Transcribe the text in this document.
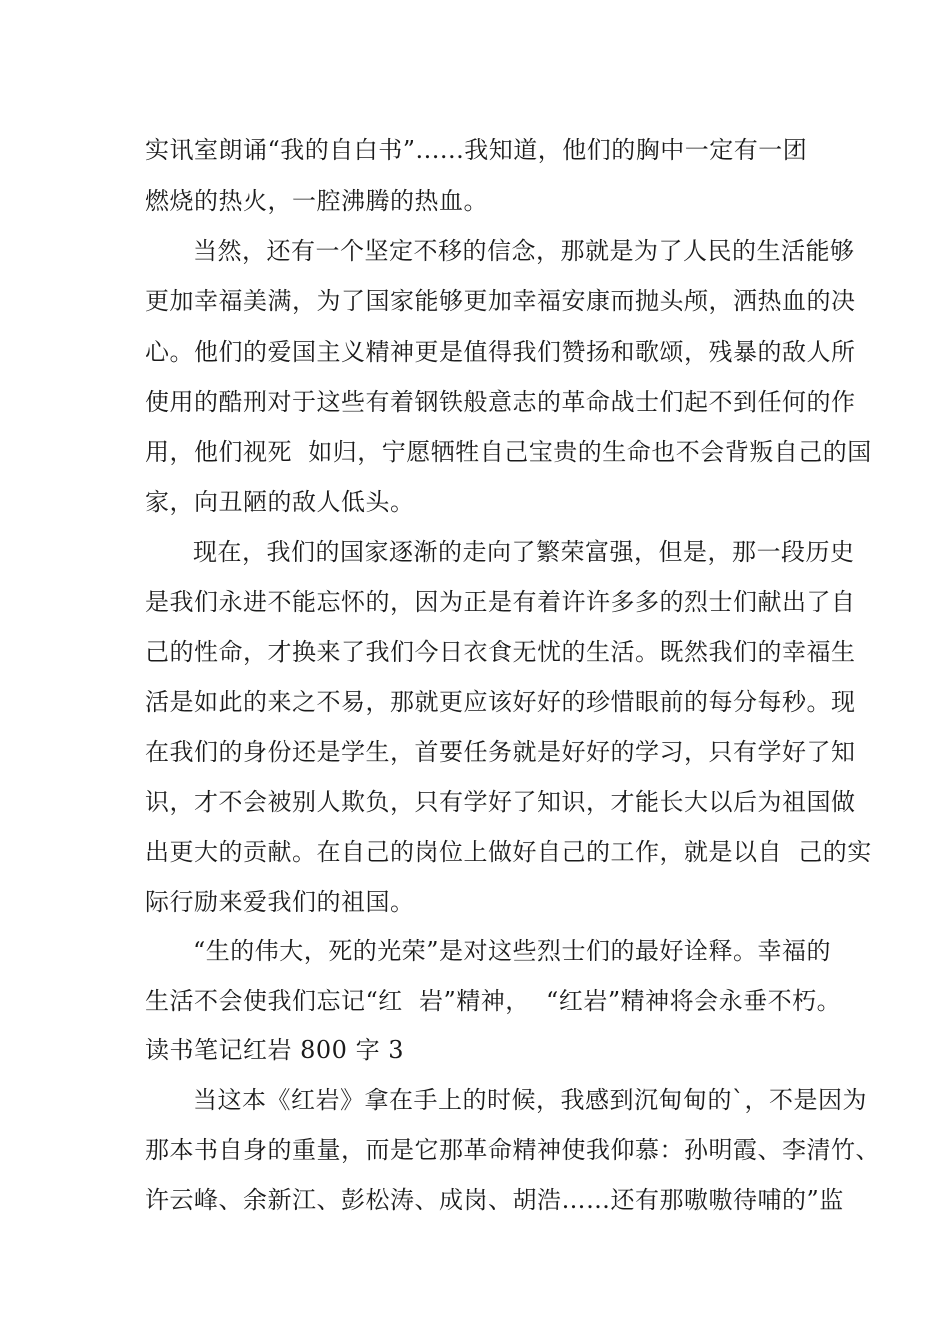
实讯室朗诵“我的自白书”......我知道，他们的胸中一定有一团
燃烧的热火，一腔沸腾的热血。
当然，还有一个坚定不移的信念，那就是为了人民的生活能够
更加幸福美满，为了国家能够更加幸福安康而抛头颅，洒热血的决
心。他们的爱国主义精神更是值得我们赞扬和歌颂，残暴的敌人所
使用的酷刑对于这些有着钢铁般意志的革命战士们起不到任何的作
用，他们视死  如归，宁愿牺牲自己宝贵的生命也不会背叛自己的国
家，向丑陋的敌人低头。
现在，我们的国家逐渐的走向了繁荣富强，但是，那一段历史
是我们永进不能忘怀的，因为正是有着许许多多的烈士们献出了自
己的性命，才换来了我们今日衣食无忧的生活。既然我们的幸福生
活是如此的来之不易，那就更应该好好的珍惜眼前的每分每秒。现
在我们的身份还是学生，首要任务就是好好的学习，只有学好了知
识，才不会被别人欺负，只有学好了知识，才能长大以后为祖国做
出更大的贡献。在自己的岗位上做好自己的工作，就是以自  己的实
际行励来爱我们的祖国。
“生的伟大，死的光荣”是对这些烈士们的最好诠释。幸福的
生活不会使我们忘记“红  岩”精神，  “红岩”精神将会永垂不朽。
读书笔记红岩 800 字 3
当这本《红岩》拿在手上的时候，我感到沉甸甸的`，不是因为
那本书自身的重量，而是它那革命精神使我仰慕：孙明霞、李清竹、
许云峰、余新江、彭松涛、成岗、胡浩……还有那嗷嗷待哺的”监
